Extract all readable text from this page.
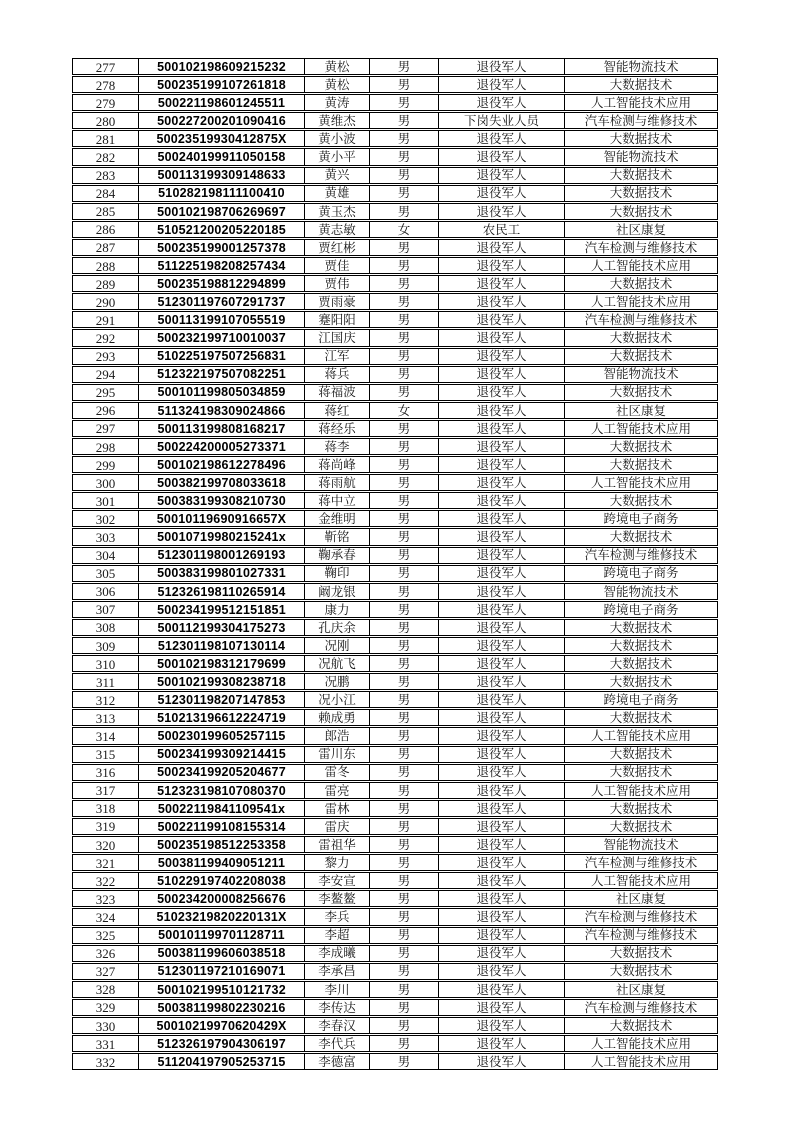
277	500102198609215232	黄松	男	退役军人	智能物流技术
278	500235199107261818	黄松	男	退役军人	大数据技术
279	500221198601245511	黄涛	男	退役军人	人工智能技术应用
280	500227200201090416	黄维杰	男	下岗失业人员	汽车检测与维修技术
281	50023519930412875X	黄小波	男	退役军人	大数据技术
282	500240199911050158	黄小平	男	退役军人	智能物流技术
283	500113199309148633	黄兴	男	退役军人	大数据技术
284	510282198111100410	黄雄	男	退役军人	大数据技术
285	500102198706269697	黄玉杰	男	退役军人	大数据技术
286	510521200205220185	黄志敏	女	农民工	社区康复
287	500235199001257378	贾红彬	男	退役军人	汽车检测与维修技术
288	511225198208257434	贾佳	男	退役军人	人工智能技术应用
289	500235198812294899	贾伟	男	退役军人	大数据技术
290	512301197607291737	贾雨豪	男	退役军人	人工智能技术应用
291	500113199107055519	蹇阳阳	男	退役军人	汽车检测与维修技术
292	500232199710010037	江国庆	男	退役军人	大数据技术
293	510225197507256831	江军	男	退役军人	大数据技术
294	512322197507082251	蒋兵	男	退役军人	智能物流技术
295	500101199805034859	蒋福波	男	退役军人	大数据技术
296	511324198309024866	蒋红	女	退役军人	社区康复
297	500113199808168217	蒋经乐	男	退役军人	人工智能技术应用
298	500224200005273371	蒋李	男	退役军人	大数据技术
299	500102198612278496	蒋尚峰	男	退役军人	大数据技术
300	500382199708033618	蒋雨航	男	退役军人	人工智能技术应用
301	500383199308210730	蒋中立	男	退役军人	大数据技术
302	50010119690916657X	金维明	男	退役军人	跨境电子商务
303	50010719980215241x	靳铭	男	退役军人	大数据技术
304	512301198001269193	鞠承春	男	退役军人	汽车检测与维修技术
305	500383199801027331	鞠印	男	退役军人	跨境电子商务
306	512326198110265914	阚龙银	男	退役军人	智能物流技术
307	500234199512151851	康力	男	退役军人	跨境电子商务
308	500112199304175273	孔庆余	男	退役军人	大数据技术
309	512301198107130114	况刚	男	退役军人	大数据技术
310	500102198312179699	况航飞	男	退役军人	大数据技术
311	500102199308238718	况鹏	男	退役军人	大数据技术
312	512301198207147853	况小江	男	退役军人	跨境电子商务
313	510213196612224719	赖成勇	男	退役军人	大数据技术
314	500230199605257115	郎浩	男	退役军人	人工智能技术应用
315	500234199309214415	雷川东	男	退役军人	大数据技术
316	500234199205204677	雷冬	男	退役军人	大数据技术
317	512323198107080370	雷亮	男	退役军人	人工智能技术应用
318	50022119841109541x	雷林	男	退役军人	大数据技术
319	500221199108155314	雷庆	男	退役军人	大数据技术
320	500235198512253358	雷祖华	男	退役军人	智能物流技术
321	500381199409051211	黎力	男	退役军人	汽车检测与维修技术
322	510229197402208038	李安宣	男	退役军人	人工智能技术应用
323	500234200008256676	李鳌鳌	男	退役军人	社区康复
324	51023219820220131X	李兵	男	退役军人	汽车检测与维修技术
325	500101199701128711	李超	男	退役军人	汽车检测与维修技术
326	500381199606038518	李成曦	男	退役军人	大数据技术
327	512301197210169071	李承昌	男	退役军人	大数据技术
328	500102199510121732	李川	男	退役军人	社区康复
329	500381199802230216	李传达	男	退役军人	汽车检测与维修技术
330	50010219970620429X	李春汉	男	退役军人	大数据技术
331	512326197904306197	李代兵	男	退役军人	人工智能技术应用
332	511204197905253715	李德富	男	退役军人	人工智能技术应用
